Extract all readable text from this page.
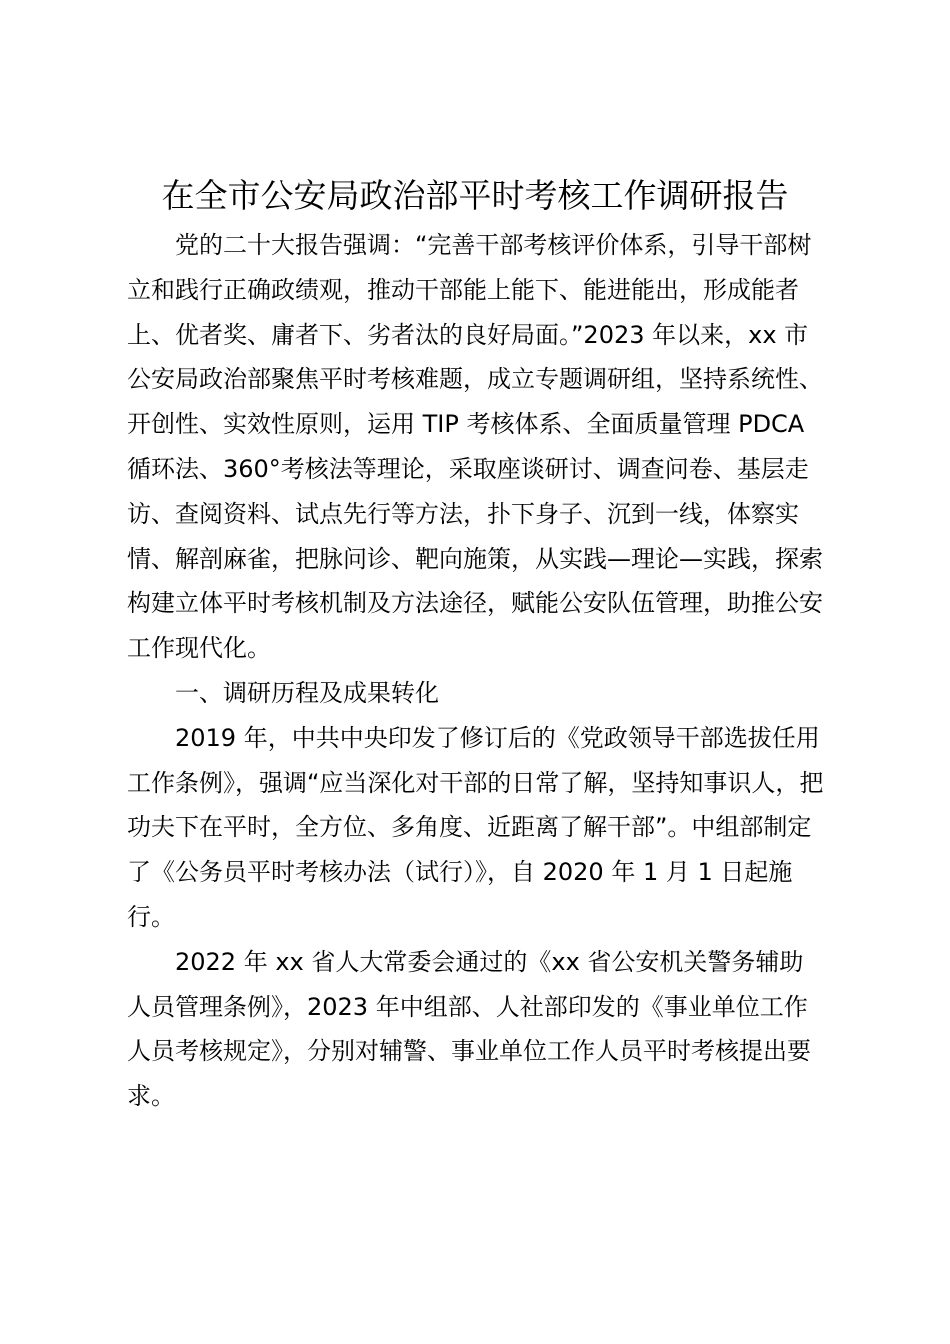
在全市公安局政治部平时考核工作调研报告

党的二十大报告强调：“完善干部考核评价体系，引导干部树立和践行正确政绩观，推动干部能上能下、能进能出，形成能者上、优者奖、庸者下、劣者汰的良好局面。”2023 年以来，xx 市公安局政治部聚焦平时考核难题，成立专题调研组，坚持系统性、开创性、实效性原则，运用 TIP 考核体系、全面质量管理 PDCA 循环法、360°考核法等理论，采取座谈研讨、调查问卷、基层走访、查阅资料、试点先行等方法，扑下身子、沉到一线，体察实情、解剖麻雀，把脉问诊、靶向施策，从实践—理论—实践，探索构建立体平时考核机制及方法途径，赋能公安队伍管理，助推公安工作现代化。

一、调研历程及成果转化

2019 年，中共中央印发了修订后的《党政领导干部选拔任用工作条例》，强调“应当深化对干部的日常了解，坚持知事识人，把功夫下在平时，全方位、多角度、近距离了解干部”。中组部制定了《公务员平时考核办法（试行）》，自 2020 年 1 月 1 日起施行。

2022 年 xx 省人大常委会通过的《xx 省公安机关警务辅助人员管理条例》，2023 年中组部、人社部印发的《事业单位工作人员考核规定》，分别对辅警、事业单位工作人员平时考核提出要求。
